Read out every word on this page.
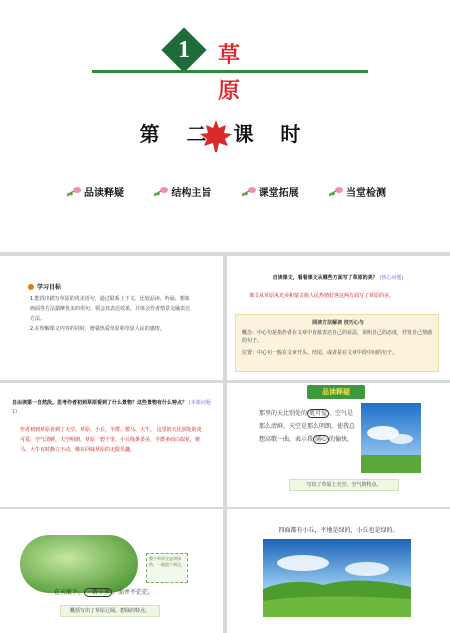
1	草
原
第 二 课 时
品读释疑	结构主旨	课堂拓展	当堂检测
学习目标

1.能找出描写草原的优美语句，通过联系上下文、比较品读、吟诵、想象画面等方法揣摩优美的语句，领会其表达效果，并体会作者情景交融表达方法。

2.在理解课文内容的同时，增强热爱草原和草原人民的感情。

自读课文，看看课文从哪些方面写了草原的美？ (核心问题)
课文从草原风光美和蒙古族人民热情好客这两方面写了草原的美。
阅读方法解读 技巧心与
概念：中心句是指作者在文章中直接表达自己的看法，说明自己的态度，抒发自己情感的句子。
位置：中心句一般在文章开头、结尾，或者是在文章中段中间的句子。
自由读第一自然段。思考作者初到草原看到了什么景物？这些景物有什么特点？ (本课问题1)
作者初到草原看到了天空、草原、小丘、羊群、骏马、大牛。 这里的天比别处的更可爱，空气清鲜，天空明朗。草原一碧千里，小丘线条柔美，羊群多而白似花，骏马、大牛有时静立不动，像在回味草原的无限乐趣。
品读释疑
那里的天比别处的 更可爱 ，空气是那么清鲜，天空是那么明朗，使我总想高歌一曲，表示我 满心 的愉快。
写出了草原上天空、空气的特点。
整个草原全是翠绿的，一眼望不到边。
在天底下， 一碧千里 ，而并不茫茫。
概括写出了草原辽阔、碧绿的特点。
四面都有小丘，平地是绿的，小丘也是绿的。
